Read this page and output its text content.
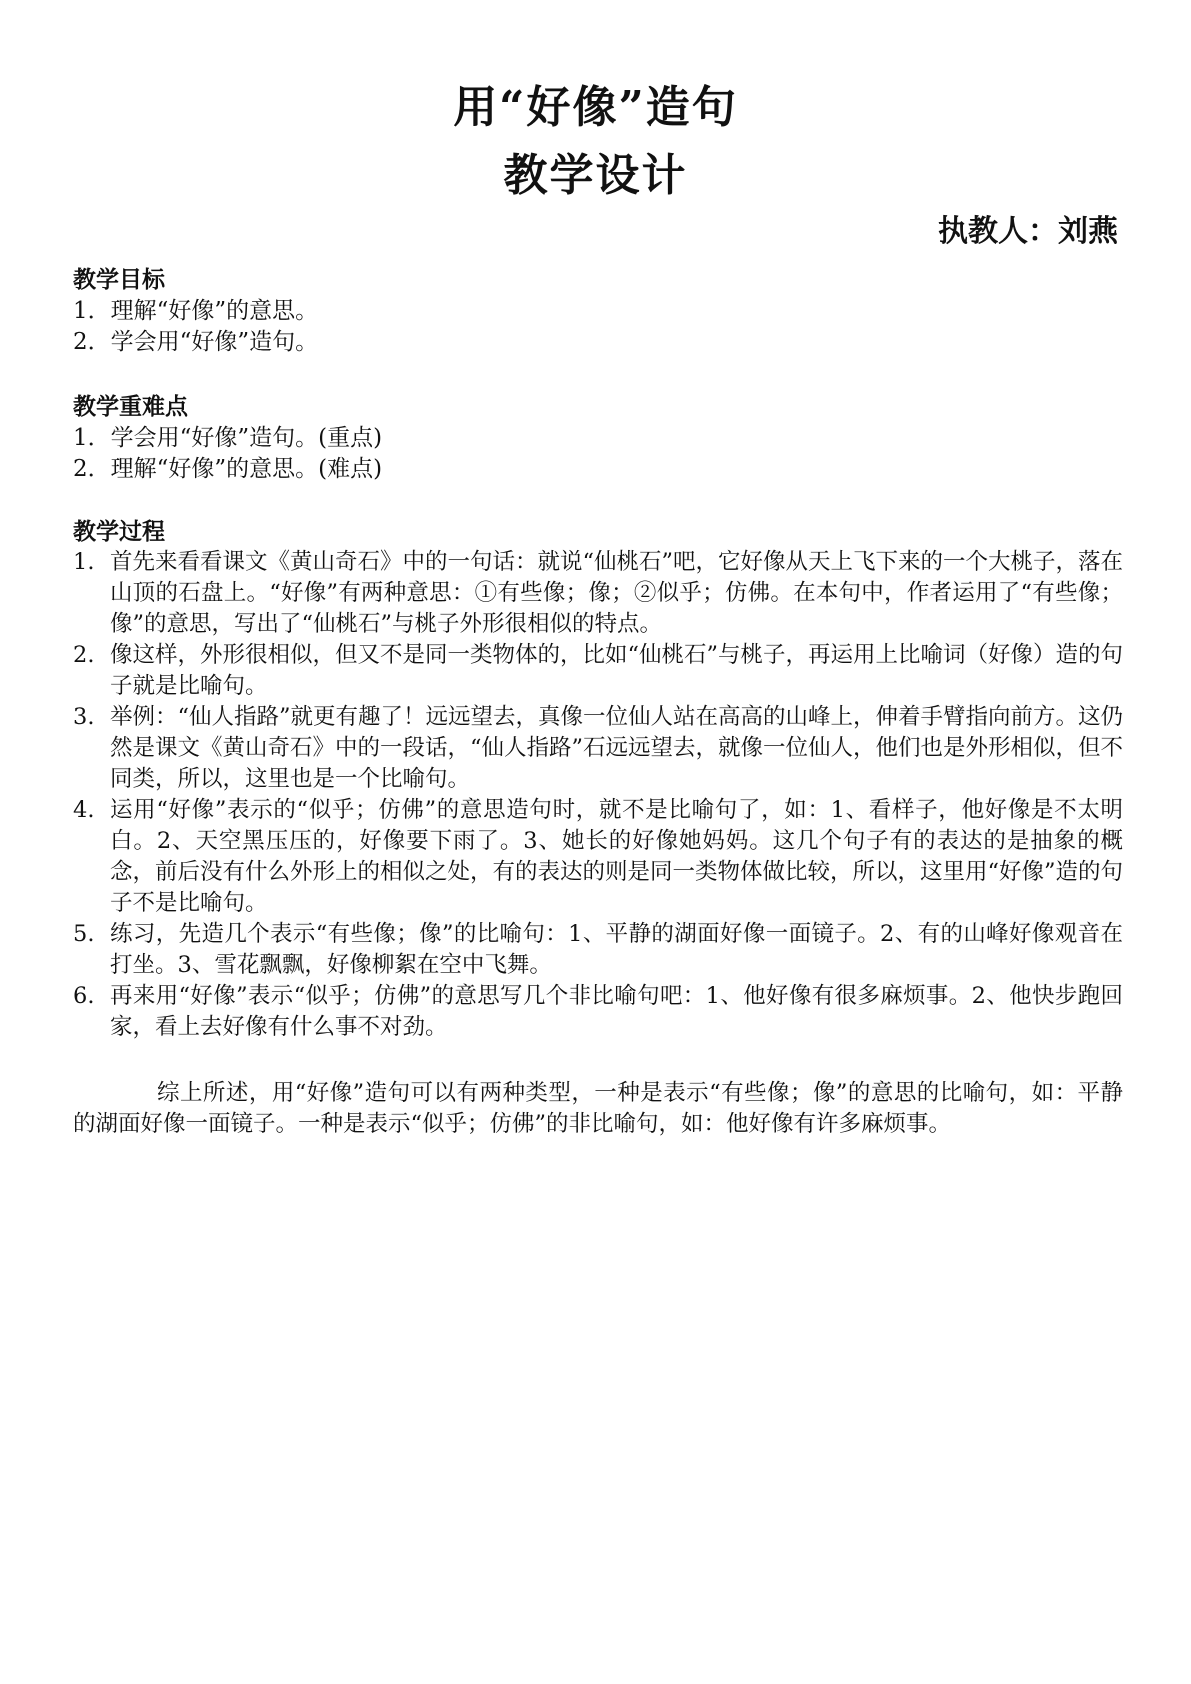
用“好像”造句
教学设计
执教人：刘燕
教学目标
1．理解“好像”的意思。
2．学会用“好像”造句。
教学重难点
1．学会用“好像”造句。(重点)
2．理解“好像”的意思。(难点)
教学过程
1. 首先来看看课文《黄山奇石》中的一句话：就说“仙桃石”吧，它好像从天上飞下来的一个大桃子，落在山顶的石盘上。“好像”有两种意思：①有些像；像；②似乎；仿佛。在本句中，作者运用了“有些像；像”的意思，写出了“仙桃石”与桃子外形很相似的特点。
2. 像这样，外形很相似，但又不是同一类物体的，比如“仙桃石”与桃子，再运用上比喻词（好像）造的句子就是比喻句。
3. 举例：“仙人指路”就更有趣了！远远望去，真像一位仙人站在高高的山峰上，伸着手臂指向前方。这仍然是课文《黄山奇石》中的一段话，“仙人指路”石远远望去，就像一位仙人，他们也是外形相似，但不同类，所以，这里也是一个比喻句。
4. 运用“好像”表示的“似乎；仿佛”的意思造句时，就不是比喻句了，如：1、看样子，他好像是不太明白。2、天空黑压压的，好像要下雨了。3、她长的好像她妈妈。这几个句子有的表达的是抽象的概念，前后没有什么外形上的相似之处，有的表达的则是同一类物体做比较，所以，这里用“好像”造的句子不是比喻句。
5. 练习，先造几个表示“有些像；像”的比喻句：1、平静的湖面好像一面镜子。2、有的山峰好像观音在打坐。3、雪花飘飘，好像柳絮在空中飞舞。
6. 再来用“好像”表示“似乎；仿佛”的意思写几个非比喻句吧：1、他好像有很多麻烦事。2、他快步跑回家，看上去好像有什么事不对劲。

综上所述，用“好像”造句可以有两种类型，一种是表示“有些像；像”的意思的比喻句，如：平静的湖面好像一面镜子。一种是表示“似乎；仿佛”的非比喻句，如：他好像有许多麻烦事。
